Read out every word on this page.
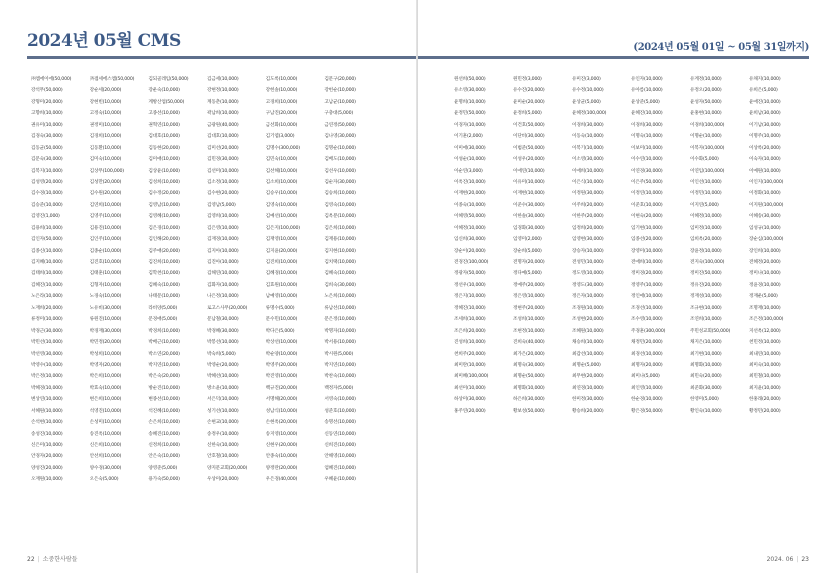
2024년 05월 CMS
㈜엠에이에(50,000)	㈜접세에스엠(50,000)	김되골레임(50,000)	김금세(10,000)	김도록(10,000)	김문구(20,000)
강석무(50,000)	강순세(20,000)	강운숙(10,000)	강현정(10,000)	강헌솔(10,000)	강헌순(10,000)
강형미(20,000)	강현빈(10,000)	계방산업(50,000)	계동춘(10,000)	고경희(10,000)	고남균(10,000)
고향희(10,000)	고정숙(10,000)	고종선(10,000)	곽남희(10,000)	구남진(20,000)	구충대(5,000)
권유미(10,000)	권정미(10,000)	권혁연(10,000)	금광원(40,000)	금선화(10,000)	금연정(50,000)
김경숙(30,000)	김경희(10,000)	김대호(10,000)	김대호(10,000)	김기엽(3,000)	김나영(30,000)
김동균(50,000)	김동환(10,000)	김동현(20,000)	김미선(20,000)	김명수(300,000)	김명순(10,000)
김문숙(30,000)	김미숙(10,000)	김미애(10,000)	김민경(30,000)	김민숙(10,000)	김배도(10,000)
김복지(10,000)	김상무(100,000)	김상윤(10,000)	김선미(10,000)	김선해(10,000)	김선우(10,000)
김성영(20,000)	김성만(20,000)	김성희(10,000)	김소정(10,000)	김소희(10,000)	김순자(30,000)
김수경(10,000)	김수원(20,000)	김수정(20,000)	김수현(20,000)	김승우(10,000)	김승희(10,000)
김승준(10,000)	김연희(10,000)	김영남(10,000)	김영남(5,000)	김영숙(10,000)	김영숙(10,000)
김영진(1,000)	김영주(10,000)	김영혜(10,000)	김영희(10,000)	김예선(10,000)	김옥분(10,000)
김용희(10,000)	김용진(10,000)	김은경(10,000)	김은영(10,000)	김은지(100,000)	김은희(10,000)
김인자(50,000)	김인주(10,000)	김인해(20,000)	김재경(10,000)	김재영(10,000)	김재용(10,000)
김종신(10,000)	김종순(10,000)	김주애(20,000)	김지아(10,000)	김지윤(20,000)	김지현(10,000)
김지혜(10,000)	김진호(10,000)	김진희(10,000)	김진아(10,000)	김진희(10,000)	김치택(10,000)
김태희(10,000)	김태훈(10,000)	김학천(10,000)	김해연(10,000)	김혜경(10,000)	김혜숙(10,000)
김혜진(10,000)	김형자(10,000)	김혜숙(10,000)	김화자(10,000)	김효원(10,000)	김희숙(30,000)
노은라(10,000)	노경숙(10,000)	나태문(10,000)	나은정(10,000)	남예영(10,000)	노은희(10,000)
노재희(20,000)	노유비(30,000)	라비양(5,000)	로고스사무(20,000)	류명수(5,000)	류남선(10,000)
류정미(10,000)	류원진(10,000)	문경애(5,000)	문남철(30,000)	문수민(10,000)	문은정(10,000)
박경근(30,000)	박경재(30,000)	박경희(10,000)	박경혜(30,000)	박다은(5,000)	박명자(10,000)
박민선(10,000)	박민정(20,000)	박배근(10,000)	박봉선(10,000)	박상선(10,000)	박서용(10,000)
박선영(30,000)	박성희(10,000)	박소연(20,000)	박숙희(5,000)	박순양(10,000)	박시원(5,000)
박영수(10,000)	박영자(20,000)	박지연(10,000)	박영순(20,000)	박영주(20,000)	박지연(10,000)
박은정(10,000)	박은희(10,000)	박은숙(20,000)	박혜선(10,000)	박진영(10,000)	박찬숙(10,000)
박혜경(10,000)	박효숙(10,000)	방순진(10,000)	방소윤(10,000)	백규진(20,000)	백정자(5,000)
변상연(10,000)	변은희(10,000)	변종선(10,000)	서은덕(10,000)	서명해(20,000)	서영숙(10,000)
서혜원(10,000)	석영진(10,000)	석진혜(10,000)	성기선(10,000)	성남식(10,000)	성준호(10,000)
손석현(10,000)	손성미(10,000)	손은희(10,000)	손현교(10,000)	손현옥(20,000)	송명선(10,000)
송성진(10,000)	송진옥(10,000)	송혜진(10,000)	송정우(10,000)	송지영(10,000)	신동연(10,000)
신은미(10,000)	신은희(10,000)	신정희(10,000)	신한숙(10,000)	신현우(20,000)	신희진(10,000)
안경자(20,000)	안선희(10,000)	안은숙(10,000)	안호철(10,000)	안종숙(10,000)	안해영(10,000)
양성진(20,000)	양수경(30,000)	양영준(5,000)	양지문교회(20,000)	양정란(20,000)	엄혜진(10,000)
오재원(10,000)	오은숙(5,000)	용가숙(50,000)	우상미(20,000)	우은경(40,000)	우혜윤(10,000)
22 | 소중한사람들
(2024년 05월 01일 ~ 05월 31일까지)
원선희(50,000)	원민정(3,000)	유미진(3,000)	유인자(10,000)	유계정(10,000)	유채지(10,000)
유소영(30,000)	유수진(20,000)	유수정(10,000)	유아름(10,000)	유정오(20,000)	유희은(5,000)
윤명희(10,000)	윤미순(20,000)	윤상균(5,000)	윤상준(5,000)	윤성자(50,000)	윤애진(10,000)
윤정민(50,000)	윤정희(5,000)	윤혜정(100,000)	윤혜진(10,000)	윤홍현(10,000)	윤희남(30,000)
이경자(10,000)	이건호(50,000)	이경희(30,000)	이경희(30,000)	이경희(100,000)	이기남(30,000)
이기훈(2,000)	이단비(30,000)	이동숙(10,000)	이명숙(10,000)	이명순(10,000)	이명주(10,000)
이미애(30,000)	이범준(50,000)	이복기(10,000)	이보미(10,000)	이복자(100,000)	이상록(20,000)
이성순(10,000)	이성우(20,000)	이소영(30,000)	이수연(10,000)	이수화(5,000)	이숙자(10,000)
이순연(3,000)	이애연(10,000)	이애희(10,000)	이연경(30,000)	이연임(100,000)	이예원(10,000)
이옥진(10,000)	이유미(10,000)	이은식(10,000)	이은주(50,000)	이인선(10,000)	이인지(100,000)
이재현(20,000)	이재현(10,000)	이정원(30,000)	이정연(10,000)	이정민(10,000)	이정화(10,000)
이종숙(10,000)	이준수(30,000)	이주희(20,000)	이준호(10,000)	이지연(5,000)	이지원(100,000)
이혜영(50,000)	이한솔(30,000)	이한주(20,000)	이현숙(20,000)	이혜정(10,000)	이혜송(30,000)
이혜정(10,000)	임경화(30,000)	임정희(20,000)	임기현(10,000)	임미정(10,000)	임성규(10,000)
임신희(30,000)	임영미(2,000)	임영현(30,000)	임종선(20,000)	임희옥(20,000)	장순심(100,000)
장순이(20,000)	장순희(5,000)	장승자(10,000)	장영미(10,000)	장윤정(10,000)	장인희(10,000)
전경진(100,000)	전명자(20,000)	전성민(10,000)	전애희(10,000)	전지숙(100,000)	전혜정(20,000)
정광자(50,000)	정다예(5,000)	정도영(10,000)	정미경(20,000)	정미진(50,000)	정미나(10,000)
정선우(10,000)	정예주(20,000)	정영도(30,000)	정영주(10,000)	정유진(20,000)	정윤경(10,000)
정은지(10,000)	정은영(10,000)	정은자(10,000)	정인애(10,000)	정재성(10,000)	정재운(5,000)
정혜진(10,000)	정현주(20,000)	조경원(10,000)	조경선(10,000)	조규현(10,000)	조명재(10,000)
조세희(10,000)	조성희(10,000)	조성현(20,000)	조수영(10,000)	조연희(10,000)	조은정(100,000)
조은희(20,000)	조현정(10,000)	조혜원(10,000)	주경훈(300,000)	주민성교회(50,000)	지선옥(12,000)
진성희(10,000)	진희숙(40,000)	채승희(10,000)	채정민(20,000)	채지은(10,000)	천민정(10,000)
천희주(20,000)	최가은(20,000)	최갑선(10,000)	최경선(10,000)	최기현(10,000)	최내연(10,000)
최미란(10,000)	최명숙(30,000)	최명순(5,000)	최명자(20,000)	최명화(10,000)	최미숙(10,000)
최미혜(100,000)	최명순(50,000)	최무현(20,000)	최미나(5,000)	최민숙(20,000)	최민철(10,000)
최선미(10,000)	최명화(10,000)	최연경(10,000)	최인영(10,000)	최준화(30,000)	최지윤(10,000)
하상미(30,000)	하은희(30,000)	한미정(30,000)	한순경(10,000)	한영미(5,000)	한홍래(20,000)
홍주연(20,000)	황보성(50,000)	황승희(20,000)	황은경(50,000)	황인숙(10,000)	황정민(20,000)
2024. 06 | 23
